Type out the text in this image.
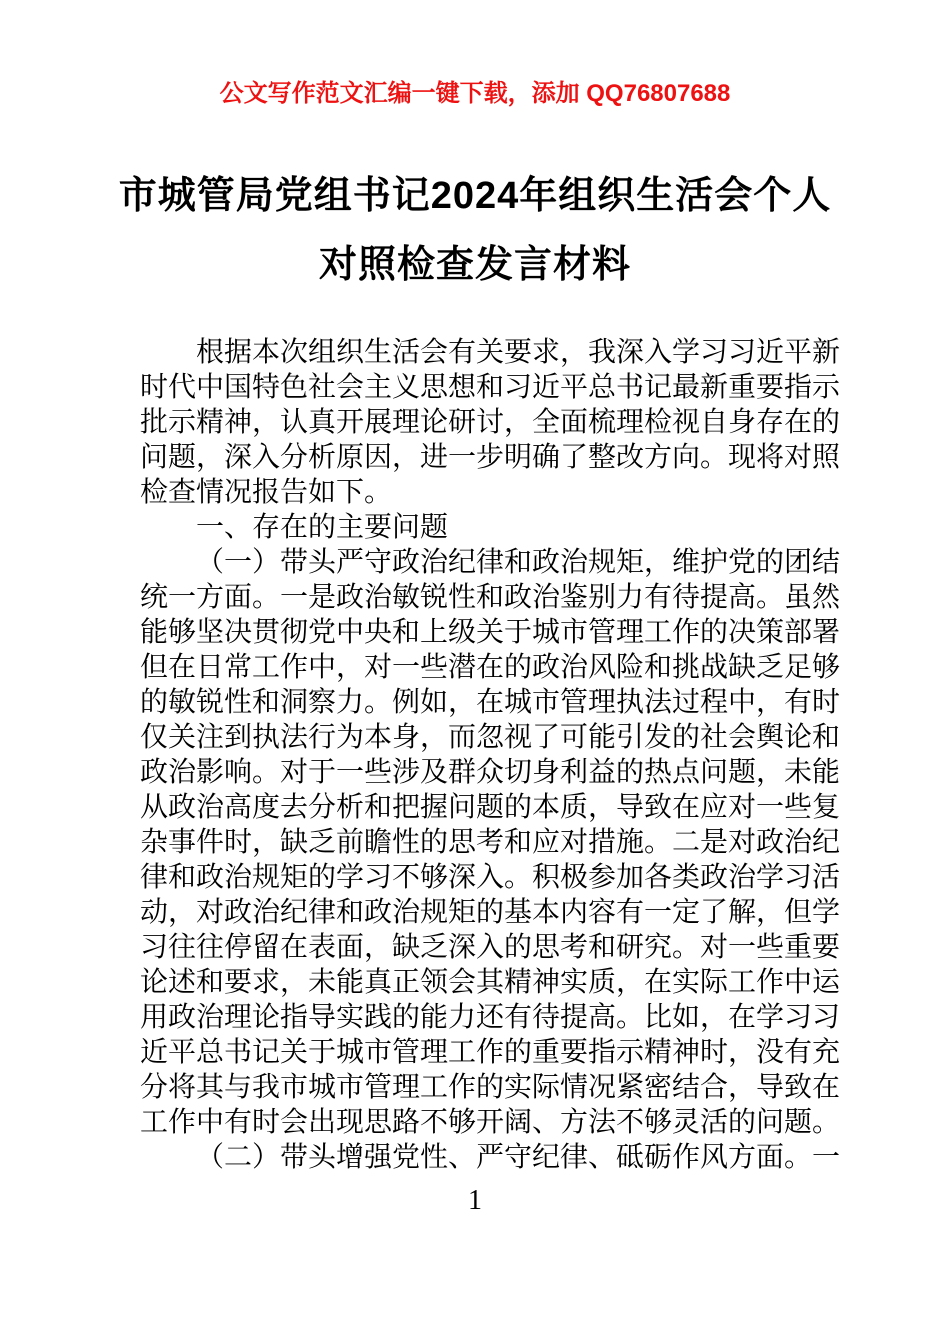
公文写作范文汇编一键下载，添加 QQ76807688
市城管局党组书记2024年组织生活会个人
对照检查发言材料

根据本次组织生活会有关要求，我深入学习习近平新时代中国特色社会主义思想和习近平总书记最新重要指示批示精神，认真开展理论研讨，全面梳理检视自身存在的问题，深入分析原因，进一步明确了整改方向。现将对照检查情况报告如下。

一、存在的主要问题

（一）带头严守政治纪律和政治规矩，维护党的团结统一方面。一是政治敏锐性和政治鉴别力有待提高。虽然能够坚决贯彻党中央和上级关于城市管理工作的决策部署但在日常工作中，对一些潜在的政治风险和挑战缺乏足够的敏锐性和洞察力。例如，在城市管理执法过程中，有时仅关注到执法行为本身，而忽视了可能引发的社会舆论和政治影响。对于一些涉及群众切身利益的热点问题，未能从政治高度去分析和把握问题的本质，导致在应对一些复杂事件时，缺乏前瞻性的思考和应对措施。二是对政治纪律和政治规矩的学习不够深入。积极参加各类政治学习活动，对政治纪律和政治规矩的基本内容有一定了解，但学习往往停留在表面，缺乏深入的思考和研究。对一些重要论述和要求，未能真正领会其精神实质，在实际工作中运用政治理论指导实践的能力还有待提高。比如，在学习习近平总书记关于城市管理工作的重要指示精神时，没有充分将其与我市城市管理工作的实际情况紧密结合，导致在工作中有时会出现思路不够开阔、方法不够灵活的问题。

（二）带头增强党性、严守纪律、砥砺作风方面。一

1
